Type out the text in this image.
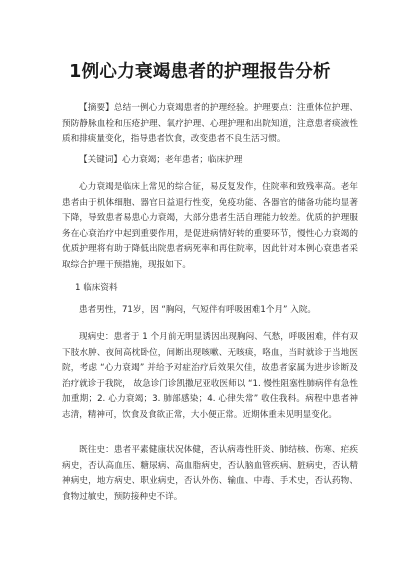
1例心力衰竭患者的护理报告分析

【摘要】总结一例心力衰竭患者的护理经验。护理要点：注重体位护理、预防静脉血栓和压疮护理、氧疗护理、心理护理和出院知道，注意患者痰液性质和排痰量变化，指导患者饮食，改变患者不良生活习惯。

【关键词】心力衰竭；老年患者；临床护理

心力衰竭是临床上常见的综合征，易反复发作，住院率和致残率高。老年患者由于机体细胞、器官日益退行性变，免疫功能、各器官的储备功能均显著下降，导致患者易患心力衰竭，大部分患者生活自理能力较差。优质的护理服务在心衰治疗中起到重要作用，是促进病情好转的重要环节，慢性心力衰竭的优质护理将有助于降低出院患者病死率和再住院率，因此针对本例心衰患者采取综合护理干预措施，现报如下。

1 临床资料

患者男性，71岁，因 “胸闷，气短伴有呼吸困难1个月” 入院。

现病史：患者于 1 个月前无明显诱因出现胸闷、气愁，呼吸困难，伴有双下肢水肿、夜间高枕卧位，间断出现咳嗽、无咳痰，咯血，当时就诊于当地医院，考虑 “心力衰竭” 并给予对症治疗后效果欠佳，故患者家属为进步诊断及治疗就诊于我院， 故急诊门诊凯撒尼亚收医师以 “1. 慢性阻塞性肺病伴有急性加重期；2. 心力衰竭；3. 肺部感染；4. 心律失常” 收住我科。病程中患者神志清，精神可，饮食及食欲正常，大小便正常。近期体重未见明显变化。

既往史：患者平素健康状况体健，否认病毒性肝炎、肺结核、伤寒、疟疾病史，否认高血压、糖尿病、高血脂病史，否认脑血管疾病、脏病史，否认精神病史，地方病史、职业病史，否认外伤、输血、中毒、手术史，否认药物、食物过敏史，预防接种史不详。
